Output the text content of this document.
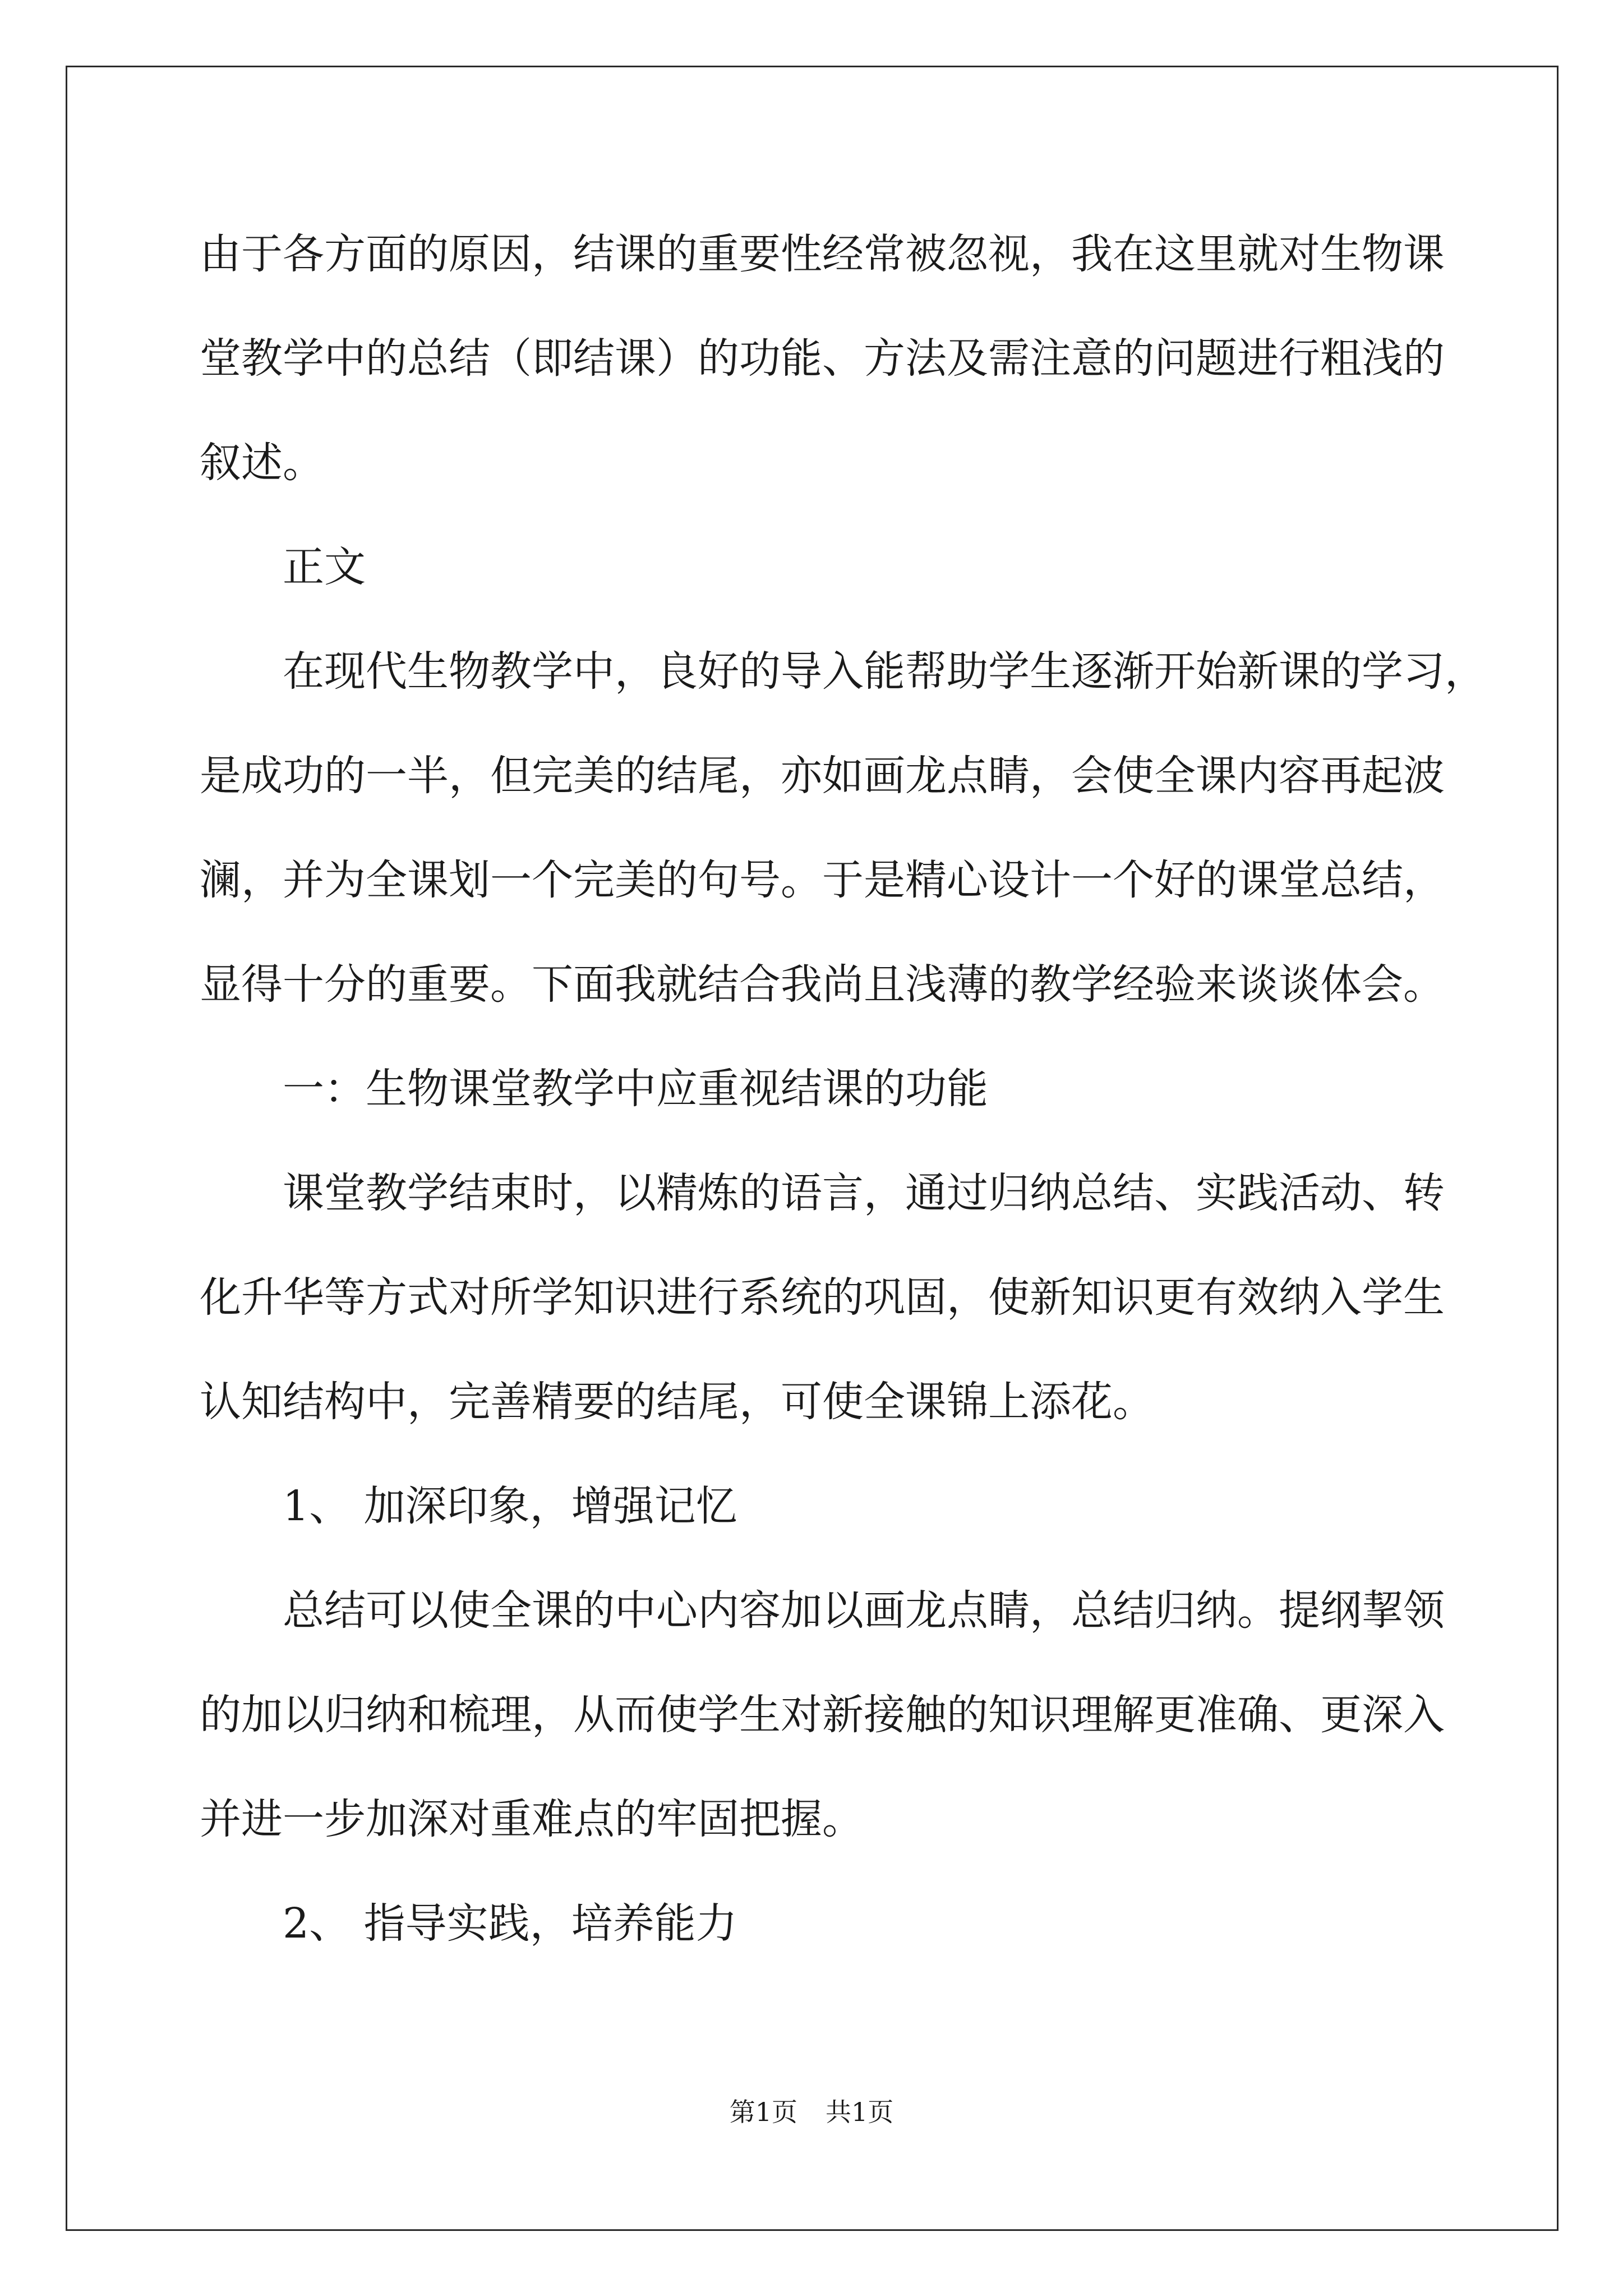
由于各方面的原因，结课的重要性经常被忽视，我在这里就对生物课
堂教学中的总结（即结课）的功能、方法及需注意的问题进行粗浅的
叙述。

正文

在现代生物教学中，良好的导入能帮助学生逐渐开始新课的学习，
是成功的一半，但完美的结尾，亦如画龙点睛，会使全课内容再起波
澜，并为全课划一个完美的句号。于是精心设计一个好的课堂总结，
显得十分的重要。下面我就结合我尚且浅薄的教学经验来谈谈体会。

一：生物课堂教学中应重视结课的功能

课堂教学结束时，以精炼的语言，通过归纳总结、实践活动、转
化升华等方式对所学知识进行系统的巩固，使新知识更有效纳入学生
认知结构中，完善精要的结尾，可使全课锦上添花。

1、 加深印象，增强记忆

总结可以使全课的中心内容加以画龙点睛，总结归纳。提纲挈领
的加以归纳和梳理，从而使学生对新接触的知识理解更准确、更深入
并进一步加深对重难点的牢固把握。

2、 指导实践，培养能力

第1页 共1页
